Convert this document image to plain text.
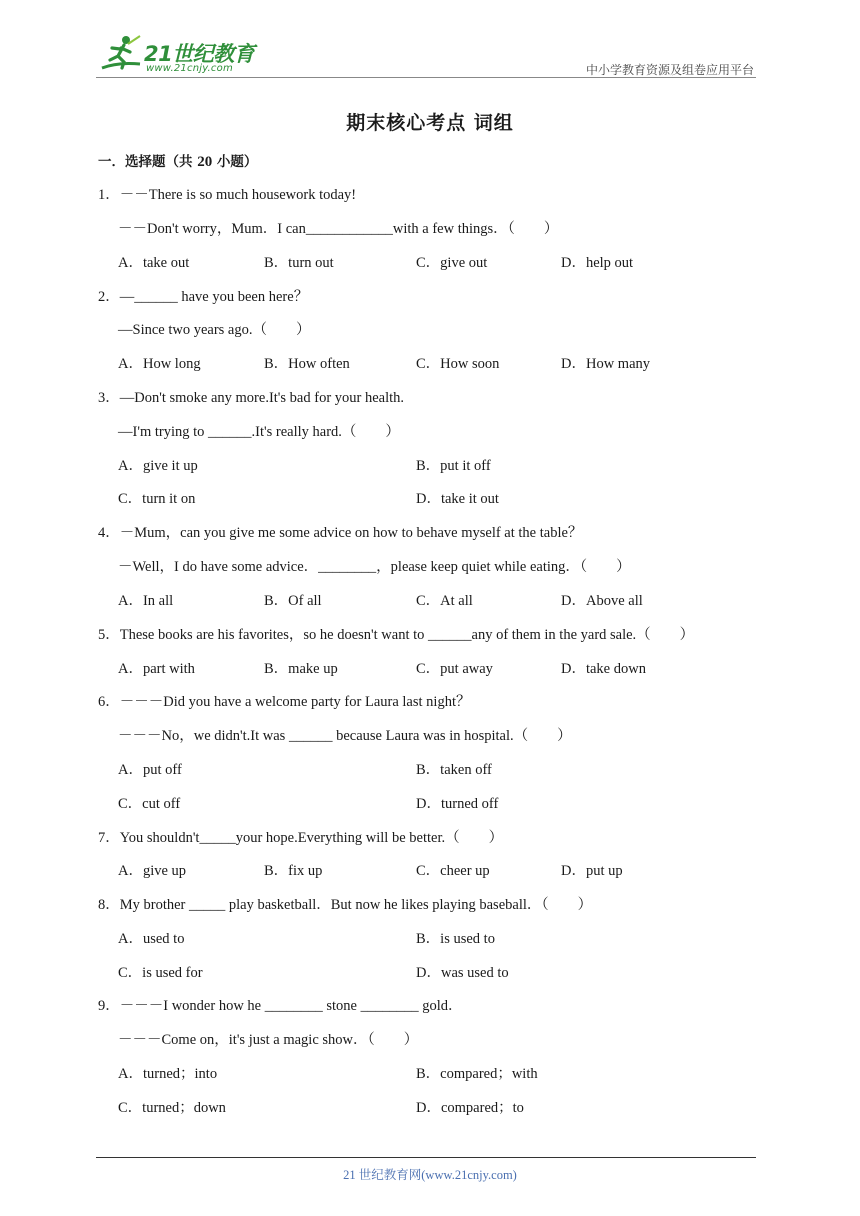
21世纪教育
www.21cnjy.com	中小学教育资源及组卷应用平台
期末核心考点 词组
一．选择题（共 20 小题）
1．－－There is so much housework today!
－－Don't worry，Mum．I can____________with a few things．（　　）
A．take out	B．turn out	C．give out	D．help out
2．—______ have you been here？
—Since two years ago.（　　）
A．How long	B．How often	C．How soon	D．How many
3．—Don't smoke any more.It's bad for your health.
—I'm trying to ______.It's really hard.（　　）
A．give it up	B．put it off
C．turn it on	D．take it out
4．－Mum，can you give me some advice on how to behave myself at the table？
－Well，I do have some advice．________，please keep quiet while eating．（　　）
A．In all	B．Of all	C．At all	D．Above all
5．These books are his favorites，so he doesn't want to ______any of them in the yard sale.（　　）
A．part with	B．make up	C．put away	D．take down
6．－－－Did you have a welcome party for Laura last night？
－－－No，we didn't.It was ______ because Laura was in hospital.（　　）
A．put off	B．taken off
C．cut off	D．turned off
7．You shouldn't_____your hope.Everything will be better.（　　）
A．give up	B．fix up	C．cheer up	D．put up
8．My brother _____ play basketball．But now he likes playing baseball．（　　）
A．used to	B．is used to
C．is used for	D．was used to
9．－－－I wonder how he ________ stone ________ gold．
－－－Come on，it's just a magic show．（　　）
A．turned；into	B．compared；with
C．turned；down	D．compared；to
21 世纪教育网(www.21cnjy.com)
